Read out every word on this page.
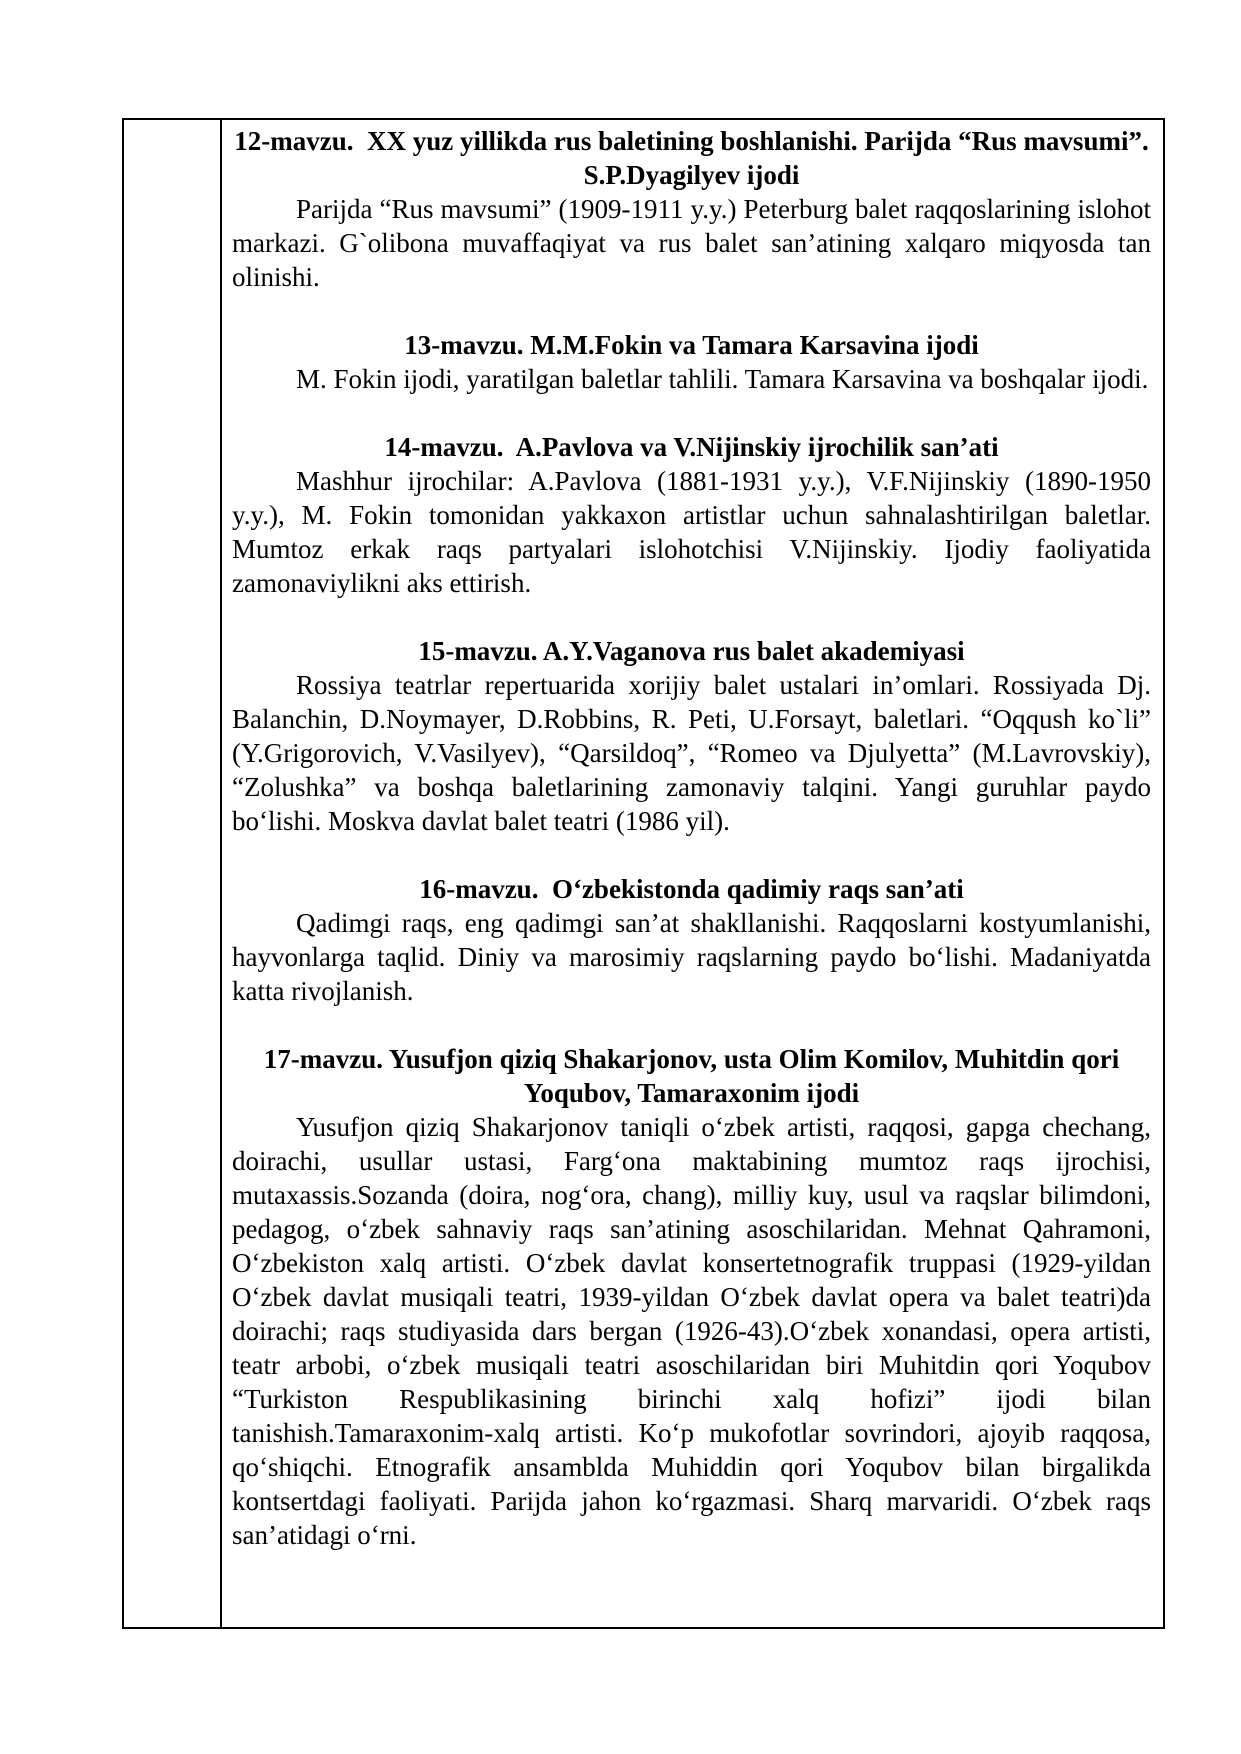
12-mavzu.  XX yuz yillikda rus baletining boshlanishi. Parijda “Rus mavsumi”. S.P.Dyagilyev ijodi
Parijda “Rus mavsumi” (1909-1911 y.y.) Peterburg balet raqqoslarining islohot markazi. G`olibona muvaffaqiyat va rus balet san’atining xalqaro miqyosda tan olinishi.
13-mavzu. M.M.Fokin va Tamara Karsavina ijodi
M. Fokin ijodi, yaratilgan baletlar tahlili. Tamara Karsavina va boshqalar ijodi.
14-mavzu.  A.Pavlova va V.Nijinskiy ijrochilik san’ati
Mashhur ijrochilar: A.Pavlova (1881-1931 y.y.), V.F.Nijinskiy (1890-1950 y.y.), M. Fokin tomonidan yakkaxon artistlar uchun sahnalashtirilgan baletlar. Mumtoz erkak raqs partyalari islohotchisi V.Nijinskiy. Ijodiy faoliyatida zamonaviylikni aks ettirish.
15-mavzu. A.Y.Vaganova rus balet akademiyasi
Rossiya teatrlar repertuarida xorijiy balet ustalari in’omlari. Rossiyada Dj. Balanchin, D.Noymayer, D.Robbins, R. Peti, U.Forsayt, baletlari. “Oqqush ko`li” (Y.Grigorovich, V.Vasilyev), “Qarsildoq”, “Romeo va Djulyetta” (M.Lavrovskiy), “Zolushka” va boshqa baletlarining zamonaviy talqini. Yangi guruhlar paydo bo‘lishi. Moskva davlat balet teatri (1986 yil).
16-mavzu.  O‘zbekistonda qadimiy raqs san’ati
Qadimgi raqs, eng qadimgi san’at shakllanishi. Raqqoslarni kostyumlanishi, hayvonlarga taqlid. Diniy va marosimiy raqslarning paydo bo‘lishi. Madaniyatda katta rivojlanish.
17-mavzu. Yusufjon qiziq Shakarjonov, usta Olim Komilov, Muhitdin qori Yoqubov, Tamaraxonim ijodi
Yusufjon qiziq Shakarjonov taniqli o‘zbek artisti, raqqosi, gapga chechang, doirachi, usullar ustasi, Farg‘ona maktabining mumtoz raqs ijrochisi, mutaxassis.Sozanda (doira, nog‘ora, chang), milliy kuy, usul va raqslar bilimdoni, pedagog, o‘zbek sahnaviy raqs san’atining asoschilaridan. Mehnat Qahramoni, O‘zbekiston xalq artisti. O‘zbek davlat konsertetnografik truppasi (1929-yildan O‘zbek davlat musiqali teatri, 1939-yildan O‘zbek davlat opera va balet teatri)da doirachi; raqs studiyasida dars bergan (1926-43).O‘zbek xonandasi, opera artisti, teatr arbobi, o‘zbek musiqali teatri asoschilaridan biri Muhitdin qori Yoqubov “Turkiston Respublikasining birinchi xalq hofizi” ijodi bilan tanishish.Tamaraxonim-xalq artisti. Ko‘p mukofotlar sovrindori, ajoyib raqqosa, qo‘shiqchi. Etnografik ansamblda Muhiddin qori Yoqubov bilan birgalikda kontsertdagi faoliyati. Parijda jahon ko‘rgazmasi. Sharq marvaridi. O‘zbek raqs san’atidagi o‘rni.
